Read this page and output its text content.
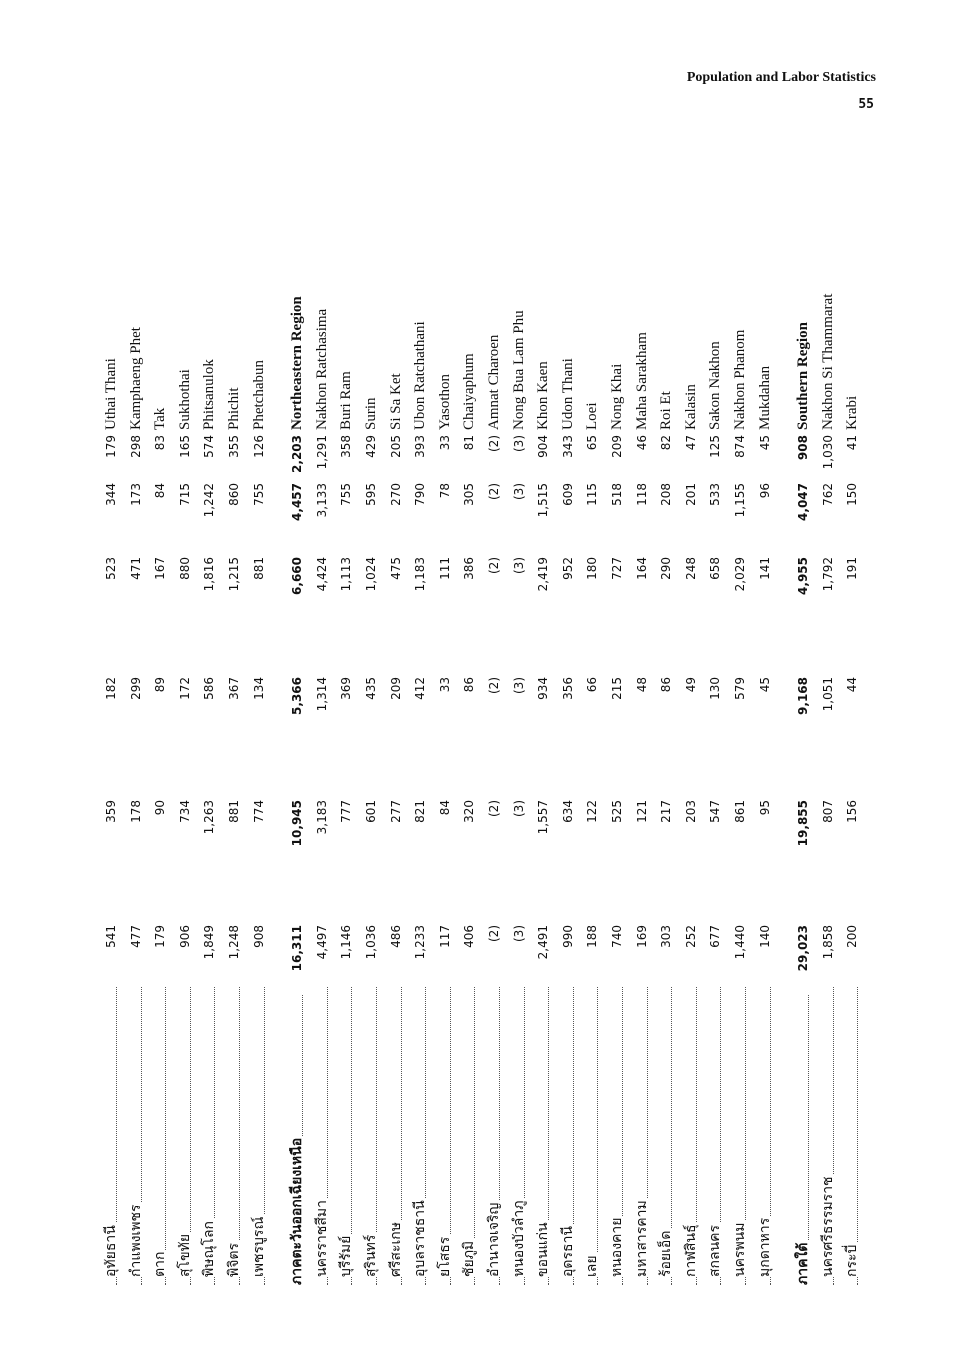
Population and Labor Statistics
55
อุทัยธานี
541
359
182
523
344
179
Uthai Thani
กำแพงเพชร
477
178
299
471
173
298
Kamphaeng Phet
ตาก
179
90
89
167
84
83
Tak
สุโขทัย
906
734
172
880
715
165
Sukhothai
พิษณุโลก
1,849
1,263
586
1,816
1,242
574
Phitsanulok
พิจิตร
1,248
881
367
1,215
860
355
Phichit
เพชรบูรณ์
908
774
134
881
755
126
Phetchabun
ภาคตะวันออกเฉียงเหนือ
16,311
10,945
5,366
6,660
4,457
2,203
Northeastern Region
นครราชสีมา
4,497
3,183
1,314
4,424
3,133
1,291
Nakhon Ratchasima
บุรีรัมย์
1,146
777
369
1,113
755
358
Buri Ram
สุรินทร์
1,036
601
435
1,024
595
429
Surin
ศรีสะเกษ
486
277
209
475
270
205
Si Sa Ket
อุบลราชธานี
1,233
821
412
1,183
790
393
Ubon Ratchathani
ยโสธร
117
84
33
111
78
33
Yasothon
ชัยภูมิ
406
320
86
386
305
81
Chaiyaphum
อำนาจเจริญ
(2)
(2)
(2)
(2)
(2)
(2)
Amnat Charoen
หนองบัวลำภู
(3)
(3)
(3)
(3)
(3)
(3)
Nong Bua Lam Phu
ขอนแก่น
2,491
1,557
934
2,419
1,515
904
Khon Kaen
อุดรธานี
990
634
356
952
609
343
Udon Thani
เลย
188
122
66
180
115
65
Loei
หนองคาย
740
525
215
727
518
209
Nong Khai
มหาสารคาม
169
121
48
164
118
46
Maha Sarakham
ร้อยเอ็ด
303
217
86
290
208
82
Roi Et
กาฬสินธุ์
252
203
49
248
201
47
Kalasin
สกลนคร
677
547
130
658
533
125
Sakon Nakhon
นครพนม
1,440
861
579
2,029
1,155
874
Nakhon Phanom
มุกดาหาร
140
95
45
141
96
45
Mukdahan
ภาคใต้
29,023
19,855
9,168
4,955
4,047
908
Southern Region
นครศรีธรรมราช
1,858
807
1,051
1,792
762
1,030
Nakhon Si Thammarat
กระบี่
200
156
44
191
150
41
Krabi
